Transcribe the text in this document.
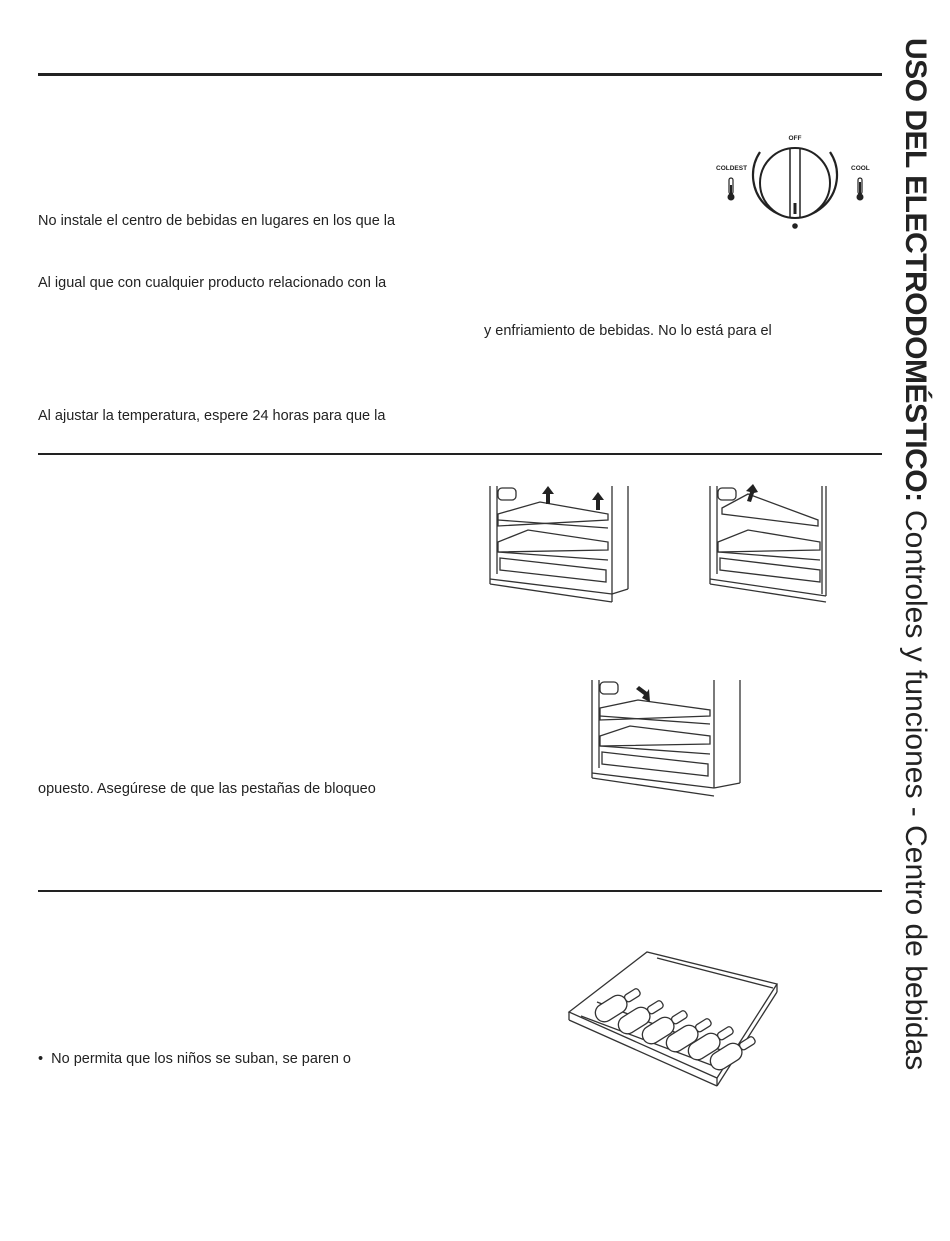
No instale el centro de bebidas en lugares en los que la
Al igual que con cualquier producto relacionado con la
y enfriamiento de bebidas. No lo está para el
Al ajustar la temperatura, espere 24 horas para que la
OFF
COLDEST	COOL
opuesto. Asegúrese de que las pestañas de bloqueo
•  No permita que los niños se suban, se paren o
USO DEL ELECTRODOMÉSTICO: Controles y funciones - Centro de bebidas
